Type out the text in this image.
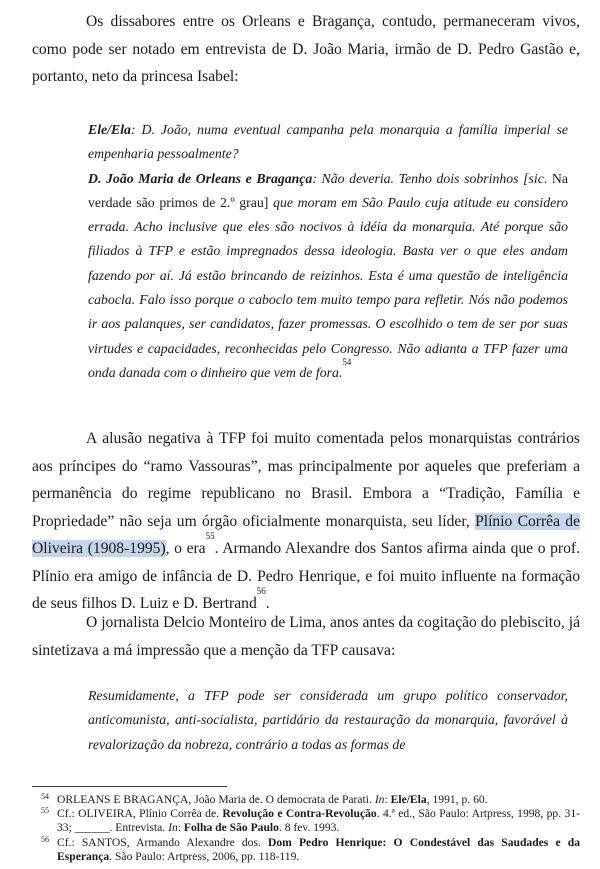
Os dissabores entre os Orleans e Bragança, contudo, permaneceram vivos, como pode ser notado em entrevista de D. João Maria, irmão de D. Pedro Gastão e, portanto, neto da princesa Isabel:

Ele/Ela: D. João, numa eventual campanha pela monarquia a família imperial se empenharia pessoalmente?

D. João Maria de Orleans e Bragança: Não deveria. Tenho dois sobrinhos [sic. Na verdade são primos de 2.º grau] que moram em São Paulo cuja atitude eu considero errada. Acho inclusive que eles são nocivos à idéia da monarquia. Até porque são filiados à TFP e estão impregnados dessa ideologia. Basta ver o que eles andam fazendo por aí. Já estão brincando de reizinhos. Esta é uma questão de inteligência cabocla. Falo isso porque o caboclo tem muito tempo para refletir. Nós não podemos ir aos palanques, ser candidatos, fazer promessas. O escolhido o tem de ser por suas virtudes e capacidades, reconhecidas pelo Congresso. Não adianta a TFP fazer uma onda danada com o dinheiro que vem de fora.$^{54}$

A alusão negativa à TFP foi muito comentada pelos monarquistas contrários aos príncipes do “ramo Vassouras”, mas principalmente por aqueles que preferiam a permanência do regime republicano no Brasil. Embora a “Tradição, Família e Propriedade” não seja um órgão oficialmente monarquista, seu líder, Plínio Corrêa de Oliveira (1908-1995), o era$^{55}$. Armando Alexandre dos Santos afirma ainda que o prof. Plínio era amigo de infância de D. Pedro Henrique, e foi muito influente na formação de seus filhos D. Luiz e D. Bertrand$^{56}$.

O jornalista Delcio Monteiro de Lima, anos antes da cogitação do plebiscito, já sintetizava a má impressão que a menção da TFP causava:

Resumidamente, a TFP pode ser considerada um grupo político conservador, anticomunista, anti-socialista, partidário da restauração da monarquia, favorável à revalorização da nobreza, contrário a todas as formas de

54 ORLEANS E BRAGANÇA, João Maria de. O democrata de Parati. In: Ele/Ela, 1991, p. 60.
55 Cf.: OLIVEIRA, Plínio Corrêa de. Revolução e Contra-Revolução. 4.ª ed., São Paulo: Artpress, 1998, pp. 31-33; ______. Entrevista. In: Folha de São Paulo. 8 fev. 1993.
56 Cf.: SANTOS, Armando Alexandre dos. Dom Pedro Henrique: O Condestável das Saudades e da Esperança. São Paulo: Artpress, 2006, pp. 118-119.
